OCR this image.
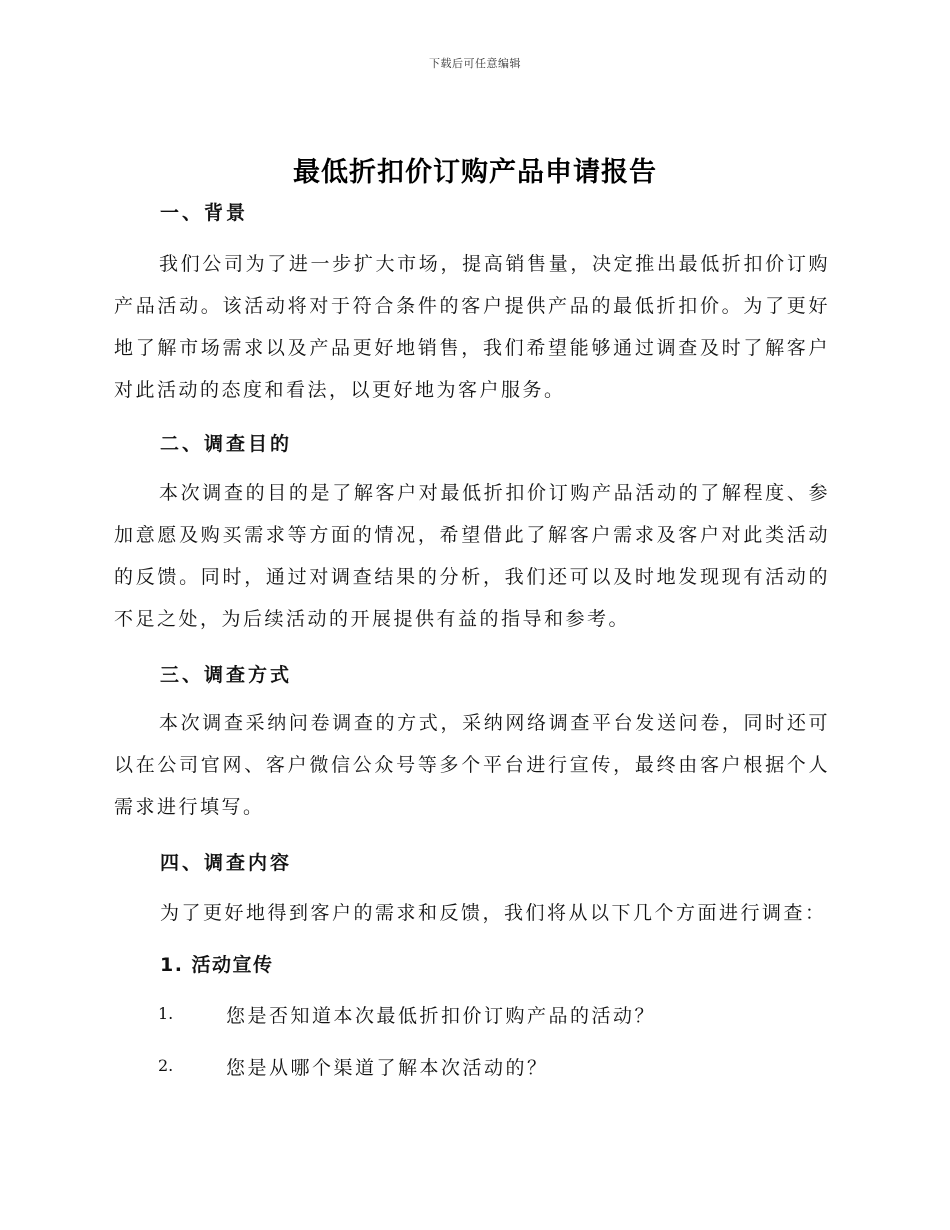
下载后可任意编辑
最低折扣价订购产品申请报告
一、背景

我们公司为了进一步扩大市场，提高销售量，决定推出最低折扣价订购产品活动。该活动将对于符合条件的客户提供产品的最低折扣价。为了更好地了解市场需求以及产品更好地销售，我们希望能够通过调查及时了解客户对此活动的态度和看法，以更好地为客户服务。

二、调查目的

本次调查的目的是了解客户对最低折扣价订购产品活动的了解程度、参加意愿及购买需求等方面的情况，希望借此了解客户需求及客户对此类活动的反馈。同时，通过对调查结果的分析，我们还可以及时地发现现有活动的不足之处，为后续活动的开展提供有益的指导和参考。

三、调查方式

本次调查采纳问卷调查的方式，采纳网络调查平台发送问卷，同时还可以在公司官网、客户微信公众号等多个平台进行宣传，最终由客户根据个人需求进行填写。

四、调查内容
为了更好地得到客户的需求和反馈，我们将从以下几个方面进行调查：
1. 活动宣传
1.	您是否知道本次最低折扣价订购产品的活动？
2.	您是从哪个渠道了解本次活动的？
